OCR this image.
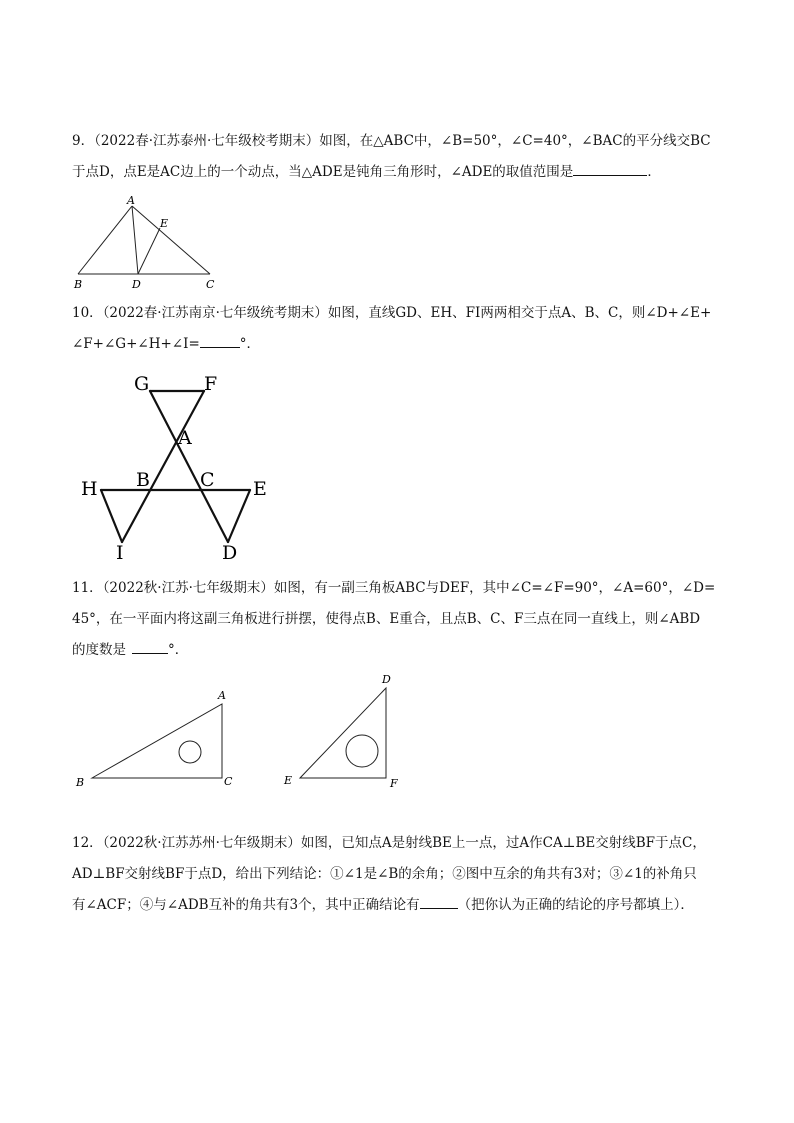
9．（2022春·江苏泰州·七年级校考期末）如图，在△ABC中，∠B=50°，∠C=40°，∠BAC的平分线交BC

于点D，点E是AC边上的一个动点，当△ADE是钝角三角形时，∠ADE的取值范围是	．

A
E
B	D	C

10．（2022春·江苏南京·七年级统考期末）如图，直线GD、EH、FI两两相交于点A、B、C，则∠D+∠E+

∠F+∠G+∠H+∠I=	°．

G	F
A
H B	C E
I	D

11．（2022秋·江苏·七年级期末）如图，有一副三角板ABC与DEF，其中∠C=∠F=90°，∠A=60°，∠D=

45°，在一平面内将这副三角板进行拼摆，使得点B、E重合，且点B、C、F三点在同一直线上，则∠ABD

的度数是	°．

A
B	C
D
E	F

12．（2022秋·江苏苏州·七年级期末）如图，已知点A是射线BE上一点，过A作CA⊥BE交射线BF于点C，

AD⊥BF交射线BF于点D，给出下列结论：①∠1是∠B的余角；②图中互余的角共有3对；③∠1的补角只

有∠ACF；④与∠ADB互补的角共有3个，其中正确结论有	（把你认为正确的结论的序号都填上）．
